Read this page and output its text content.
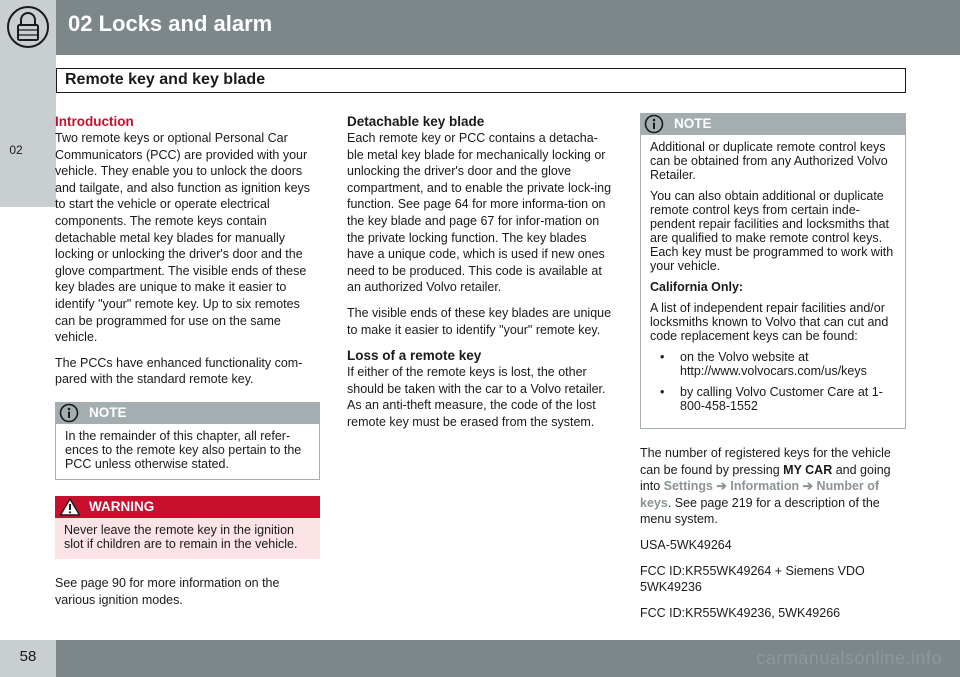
02 Locks and alarm
Remote key and key blade
02
Introduction

Two remote keys or optional Personal Car Communicators (PCC) are provided with your vehicle. They enable you to unlock the doors and tailgate, and also function as ignition keys to start the vehicle or operate electrical components. The remote keys contain detachable metal key blades for manually locking or unlocking the driver's door and the glove compartment. The visible ends of these key blades are unique to make it easier to identify "your" remote key. Up to six remotes can be programmed for use on the same vehicle.

The PCCs have enhanced functionality com-pared with the standard remote key.

NOTE
In the remainder of this chapter, all refer-ences to the remote key also pertain to the PCC unless otherwise stated.
WARNING
Never leave the remote key in the ignition slot if children are to remain in the vehicle.

See page 90 for more information on the various ignition modes.

Detachable key blade

Each remote key or PCC contains a detacha-ble metal key blade for mechanically locking or unlocking the driver's door and the glove compartment, and to enable the private lock-ing function. See page 64 for more informa-tion on the key blade and page 67 for infor-mation on the private locking function. The key blades have a unique code, which is used if new ones need to be produced. This code is available at an authorized Volvo retailer.

The visible ends of these key blades are unique to make it easier to identify "your" remote key.

Loss of a remote key

If either of the remote keys is lost, the other should be taken with the car to a Volvo retailer. As an anti-theft measure, the code of the lost remote key must be erased from the system.

NOTE

Additional or duplicate remote control keys can be obtained from any Authorized Volvo Retailer.

You can also obtain additional or duplicate remote control keys from certain inde-pendent repair facilities and locksmiths that are qualified to make remote control keys. Each key must be programmed to work with your vehicle.

California Only:

A list of independent repair facilities and/or locksmiths known to Volvo that can cut and code replacement keys can be found:

• on the Volvo website at http://www.volvocars.com/us/keys
• by calling Volvo Customer Care at 1-800-458-1552

The number of registered keys for the vehicle can be found by pressing MY CAR and going into Settings ➔ Information ➔ Number of keys. See page 219 for a description of the menu system.

USA-5WK49264

FCC ID:KR55WK49264 + Siemens VDO 5WK49236

FCC ID:KR55WK49236, 5WK49266

58	carmanualsonline.info
